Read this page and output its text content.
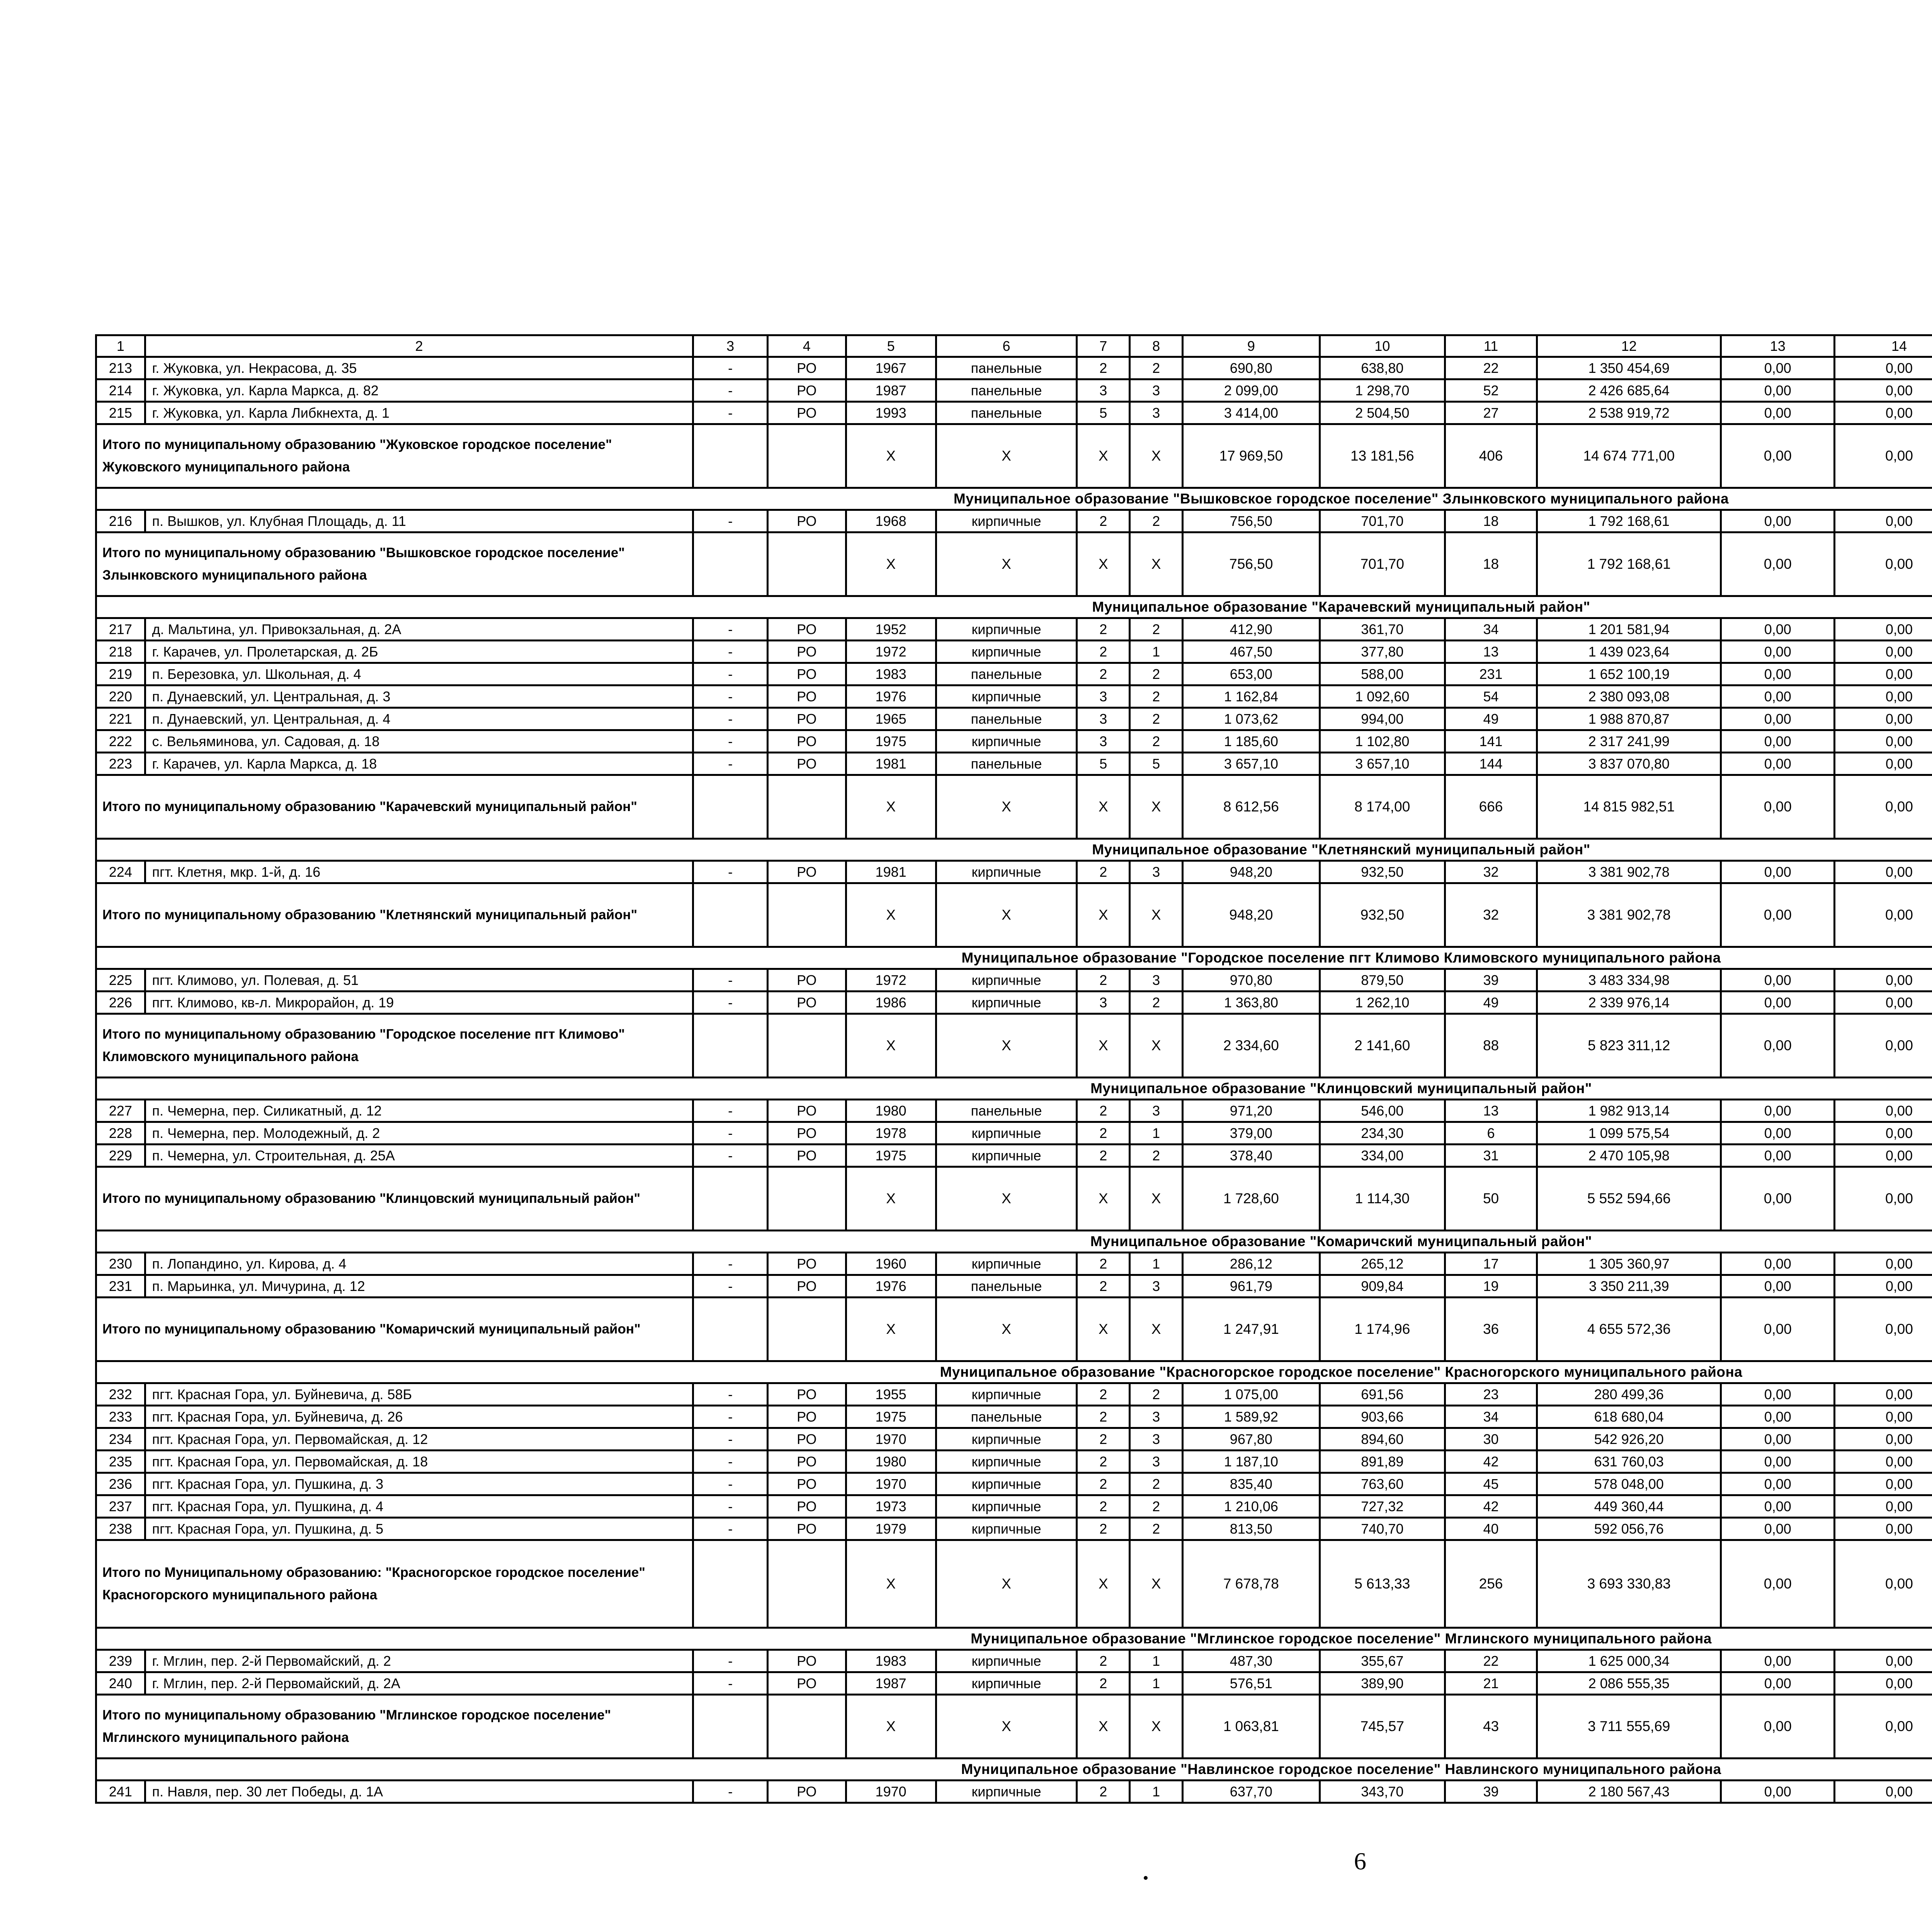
1	2	3	4	5	6	7	8	9	10	11	12	13	14					
213	г. Жуковка, ул. Некрасова, д. 35	-	РО	1967	панельные	2	2	690,80	638,80	22	1 350 454,69	0,00	0,00					
214	г. Жуковка, ул. Карла Маркса, д. 82	-	РО	1987	панельные	3	3	2 099,00	1 298,70	52	2 426 685,64	0,00	0,00					
215	г. Жуковка, ул. Карла Либкнехта, д. 1	-	РО	1993	панельные	5	3	3 414,00	2 504,50	27	2 538 919,72	0,00	0,00					
Итого по муниципальному образованию "Жуковское городское поселение" Жуковского муниципального района				X	X	X	X	17 969,50	13 181,56	406	14 674 771,00	0,00	0,00					
Муниципальное образование "Вышковское городское поселение" Злынковского муниципального района																		
216	п. Вышков, ул. Клубная Площадь, д. 11	-	РО	1968	кирпичные	2	2	756,50	701,70	18	1 792 168,61	0,00	0,00					
Итого по муниципальному образованию "Вышковское городское поселение" Злынковского муниципального района				X	X	X	X	756,50	701,70	18	1 792 168,61	0,00	0,00					
Муниципальное образование "Карачевский муниципальный район"																		
217	д. Мальтина, ул. Привокзальная, д. 2А	-	РО	1952	кирпичные	2	2	412,90	361,70	34	1 201 581,94	0,00	0,00					
218	г. Карачев, ул. Пролетарская, д. 2Б	-	РО	1972	кирпичные	2	1	467,50	377,80	13	1 439 023,64	0,00	0,00					
219	п. Березовка, ул. Школьная, д. 4	-	РО	1983	панельные	2	2	653,00	588,00	231	1 652 100,19	0,00	0,00					
220	п. Дунаевский, ул. Центральная, д. 3	-	РО	1976	кирпичные	3	2	1 162,84	1 092,60	54	2 380 093,08	0,00	0,00					
221	п. Дунаевский, ул. Центральная, д. 4	-	РО	1965	панельные	3	2	1 073,62	994,00	49	1 988 870,87	0,00	0,00					
222	с. Вельяминова, ул. Садовая, д. 18	-	РО	1975	кирпичные	3	2	1 185,60	1 102,80	141	2 317 241,99	0,00	0,00					
223	г. Карачев, ул. Карла Маркса, д. 18	-	РО	1981	панельные	5	5	3 657,10	3 657,10	144	3 837 070,80	0,00	0,00					
Итого по муниципальному образованию "Карачевский муниципальный район"				X	X	X	X	8 612,56	8 174,00	666	14 815 982,51	0,00	0,00					
Муниципальное образование "Клетнянский муниципальный район"																		
224	пгт. Клетня, мкр. 1-й, д. 16	-	РО	1981	кирпичные	2	3	948,20	932,50	32	3 381 902,78	0,00	0,00					
Итого по муниципальному образованию "Клетнянский муниципальный район"				X	X	X	X	948,20	932,50	32	3 381 902,78	0,00	0,00					
Муниципальное образование "Городское поселение пгт Климово Климовского муниципального района																		
225	пгт. Климово, ул. Полевая, д. 51	-	РО	1972	кирпичные	2	3	970,80	879,50	39	3 483 334,98	0,00	0,00					
226	пгт. Климово, кв-л. Микрорайон, д. 19	-	РО	1986	кирпичные	3	2	1 363,80	1 262,10	49	2 339 976,14	0,00	0,00					
Итого по муниципальному образованию "Городское поселение пгт Климово" Климовского муниципального района				X	X	X	X	2 334,60	2 141,60	88	5 823 311,12	0,00	0,00					
Муниципальное образование "Клинцовский муниципальный район"																		
227	п. Чемерна, пер. Силикатный, д. 12	-	РО	1980	панельные	2	3	971,20	546,00	13	1 982 913,14	0,00	0,00					
228	п. Чемерна, пер. Молодежный, д. 2	-	РО	1978	кирпичные	2	1	379,00	234,30	6	1 099 575,54	0,00	0,00					
229	п. Чемерна, ул. Строительная, д. 25А	-	РО	1975	кирпичные	2	2	378,40	334,00	31	2 470 105,98	0,00	0,00					
Итого по муниципальному образованию "Клинцовский муниципальный район"				X	X	X	X	1 728,60	1 114,30	50	5 552 594,66	0,00	0,00					
Муниципальное образование "Комаричский муниципальный район"																		
230	п. Лопандино, ул. Кирова, д. 4	-	РО	1960	кирпичные	2	1	286,12	265,12	17	1 305 360,97	0,00	0,00					
231	п. Марьинка, ул. Мичурина, д. 12	-	РО	1976	панельные	2	3	961,79	909,84	19	3 350 211,39	0,00	0,00					
Итого по муниципальному образованию "Комаричский муниципальный район"				X	X	X	X	1 247,91	1 174,96	36	4 655 572,36	0,00	0,00					
Муниципальное образование "Красногорское городское поселение" Красногорского муниципального района																		
232	пгт. Красная Гора, ул. Буйневича, д. 58Б	-	РО	1955	кирпичные	2	2	1 075,00	691,56	23	280 499,36	0,00	0,00					
233	пгт. Красная Гора, ул. Буйневича, д. 26	-	РО	1975	панельные	2	3	1 589,92	903,66	34	618 680,04	0,00	0,00					
234	пгт. Красная Гора, ул. Первомайская, д. 12	-	РО	1970	кирпичные	2	3	967,80	894,60	30	542 926,20	0,00	0,00					
235	пгт. Красная Гора, ул. Первомайская, д. 18	-	РО	1980	кирпичные	2	3	1 187,10	891,89	42	631 760,03	0,00	0,00					
236	пгт. Красная Гора, ул. Пушкина, д. 3	-	РО	1970	кирпичные	2	2	835,40	763,60	45	578 048,00	0,00	0,00					
237	пгт. Красная Гора, ул. Пушкина, д. 4	-	РО	1973	кирпичные	2	2	1 210,06	727,32	42	449 360,44	0,00	0,00					
238	пгт. Красная Гора, ул. Пушкина, д. 5	-	РО	1979	кирпичные	2	2	813,50	740,70	40	592 056,76	0,00	0,00					
Итого по Муниципальному образованию: "Красногорское городское поселение" Красногорского муниципального района				X	X	X	X	7 678,78	5 613,33	256	3 693 330,83	0,00	0,00					
Муниципальное образование "Мглинское городское поселение" Мглинского муниципального района																		
239	г. Мглин, пер. 2-й Первомайский, д. 2	-	РО	1983	кирпичные	2	1	487,30	355,67	22	1 625 000,34	0,00	0,00					
240	г. Мглин, пер. 2-й Первомайский, д. 2А	-	РО	1987	кирпичные	2	1	576,51	389,90	21	2 086 555,35	0,00	0,00					
Итого по муниципальному образованию "Мглинское городское поселение" Мглинского муниципального района				X	X	X	X	1 063,81	745,57	43	3 711 555,69	0,00	0,00					
Муниципальное образование "Навлинское городское поселение" Навлинского муниципального района																		
241	п. Навля, пер. 30 лет Победы, д. 1А	-	РО	1970	кирпичные	2	1	637,70	343,70	39	2 180 567,43	0,00	0,00					
6
